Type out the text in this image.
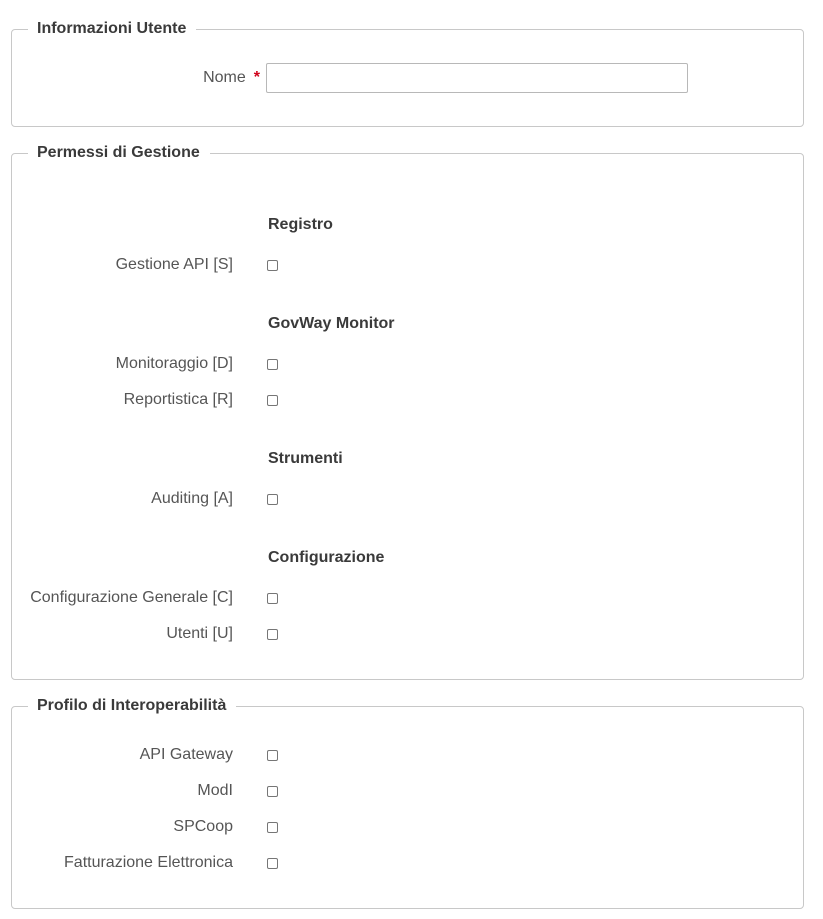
Informazioni Utente
Nome *
Permessi di Gestione
Registro
Gestione API [S]
GovWay Monitor
Monitoraggio [D]
Reportistica [R]
Strumenti
Auditing [A]
Configurazione
Configurazione Generale [C]
Utenti [U]
Profilo di Interoperabilità
API Gateway
ModI
SPCoop
Fatturazione Elettronica
